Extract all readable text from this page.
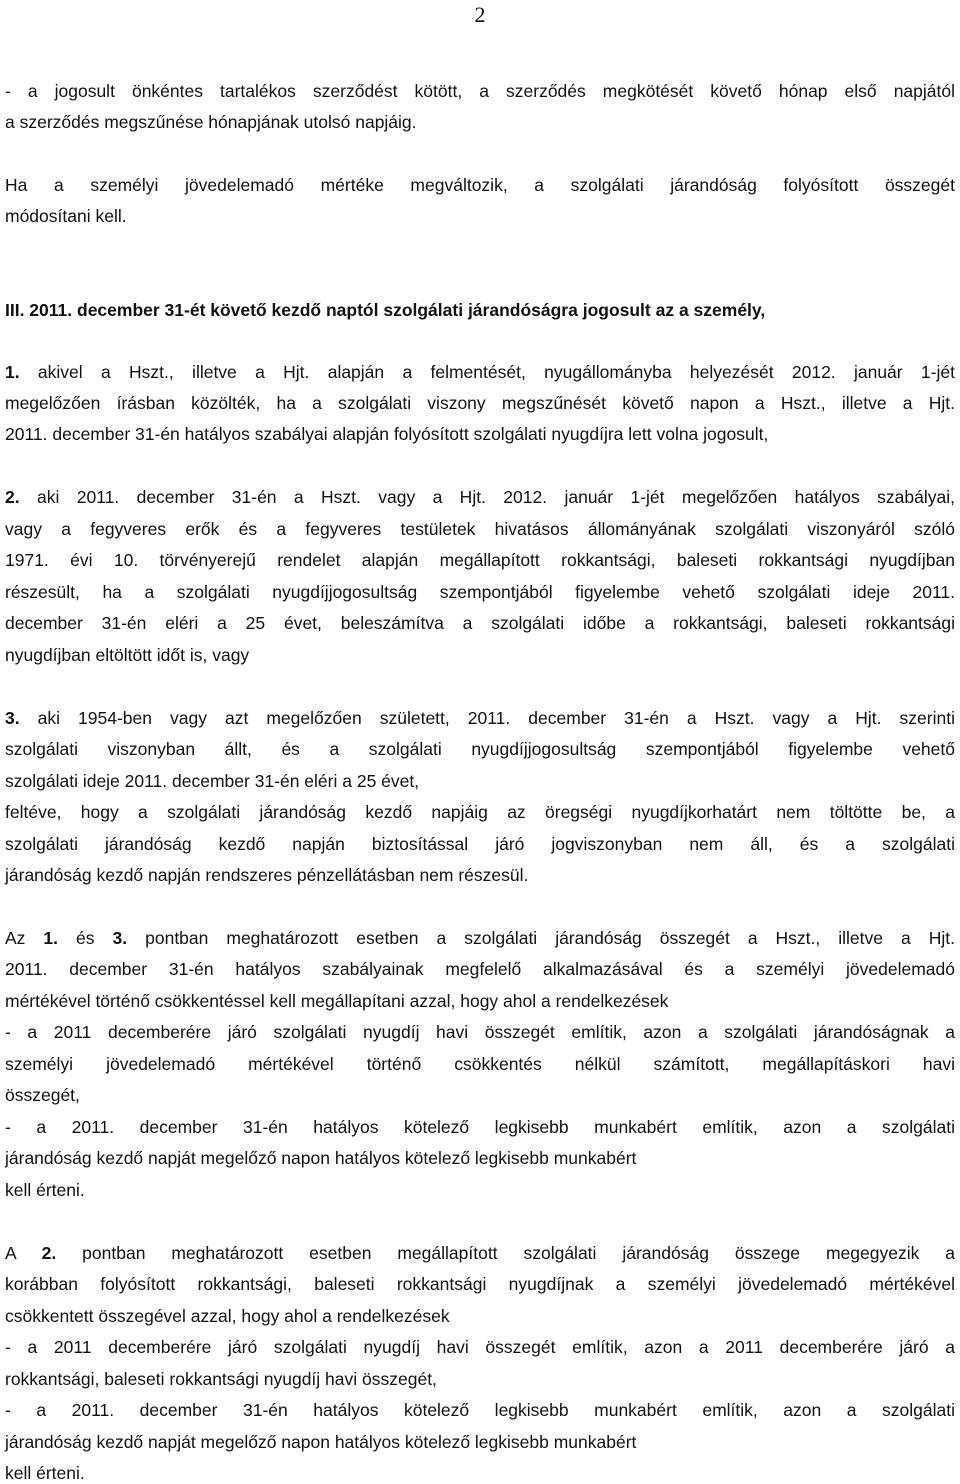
2
- a jogosult önkéntes tartalékos szerződést kötött, a szerződés megkötését követő hónap első napjától
a szerződés megszűnése hónapjának utolsó napjáig.
Ha a személyi jövedelemadó mértéke megváltozik, a szolgálati járandóság folyósított összegét
módosítani kell.
III. 2011. december 31-ét követő kezdő naptól szolgálati járandóságra jogosult az a személy,
1. akivel a Hszt., illetve a Hjt. alapján a felmentését, nyugállományba helyezését 2012. január 1-jét
megelőzően írásban közölték, ha a szolgálati viszony megszűnését követő napon a Hszt., illetve a Hjt.
2011. december 31-én hatályos szabályai alapján folyósított szolgálati nyugdíjra lett volna jogosult,
2. aki 2011. december 31-én a Hszt. vagy a Hjt. 2012. január 1-jét megelőzően hatályos szabályai,
vagy a fegyveres erők és a fegyveres testületek hivatásos állományának szolgálati viszonyáról szóló
1971. évi 10. törvényerejű rendelet alapján megállapított rokkantsági, baleseti rokkantsági nyugdíjban
részesült, ha a szolgálati nyugdíjjogosultság szempontjából figyelembe vehető szolgálati ideje 2011.
december 31-én eléri a 25 évet, beleszámítva a szolgálati időbe a rokkantsági, baleseti rokkantsági
nyugdíjban eltöltött időt is, vagy
3. aki 1954-ben vagy azt megelőzően született, 2011. december 31-én a Hszt. vagy a Hjt. szerinti
szolgálati viszonyban állt, és a szolgálati nyugdíjjogosultság szempontjából figyelembe vehető
szolgálati ideje 2011. december 31-én eléri a 25 évet,
feltéve, hogy a szolgálati járandóság kezdő napjáig az öregségi nyugdíjkorhatárt nem töltötte be, a
szolgálati járandóság kezdő napján biztosítással járó jogviszonyban nem áll, és a szolgálati
járandóság kezdő napján rendszeres pénzellátásban nem részesül.
Az 1. és 3. pontban meghatározott esetben a szolgálati járandóság összegét a Hszt., illetve a Hjt.
2011. december 31-én hatályos szabályainak megfelelő alkalmazásával és a személyi jövedelemadó
mértékével történő csökkentéssel kell megállapítani azzal, hogy ahol a rendelkezések
- a 2011 decemberére járó szolgálati nyugdíj havi összegét említik, azon a szolgálati járandóságnak a
személyi jövedelemadó mértékével történő csökkentés nélkül számított, megállapításkori havi
összegét,
- a 2011. december 31-én hatályos kötelező legkisebb munkabért említik, azon a szolgálati
járandóság kezdő napját megelőző napon hatályos kötelező legkisebb munkabért
kell érteni.
A 2. pontban meghatározott esetben megállapított szolgálati járandóság összege megegyezik a
korábban folyósított rokkantsági, baleseti rokkantsági nyugdíjnak a személyi jövedelemadó mértékével
csökkentett összegével azzal, hogy ahol a rendelkezések
- a 2011 decemberére járó szolgálati nyugdíj havi összegét említik, azon a 2011 decemberére járó a
rokkantsági, baleseti rokkantsági nyugdíj havi összegét,
- a 2011. december 31-én hatályos kötelező legkisebb munkabért említik, azon a szolgálati
járandóság kezdő napját megelőző napon hatályos kötelező legkisebb munkabért
kell érteni.
